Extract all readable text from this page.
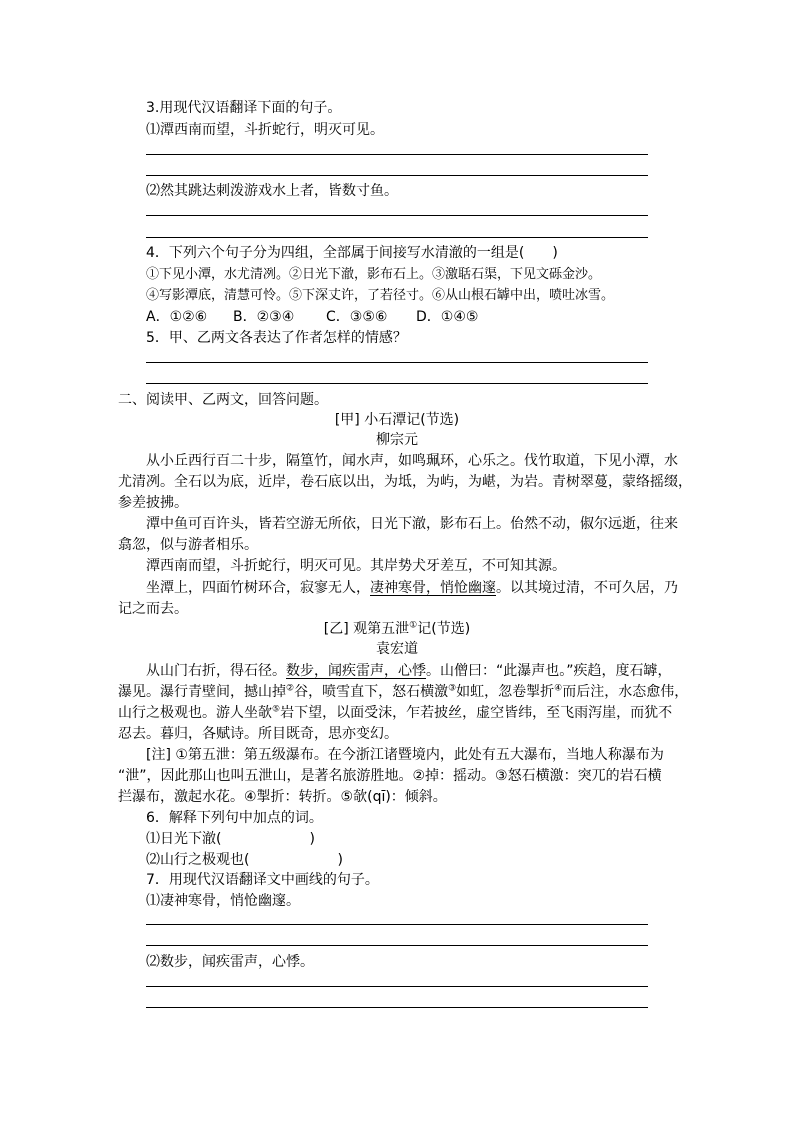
3.用现代汉语翻译下面的句子。
⑴潭西南而望，斗折蛇行，明灭可见。
⑵然其跳达刺泼游戏水上者，皆数寸鱼。
4．下列六个句子分为四组，全部属于间接写水清澈的一组是(　　)
①下见小潭，水尤清冽。②日光下澈，影布石上。③激聒石渠，下见文砾金沙。
④写影潭底，清慧可怜。⑤下深丈许，了若径寸。⑥从山根石罅中出，喷吐冰雪。
A．①②⑥ B．②③④ C．③⑤⑥ D．①④⑤
5．甲、乙两文各表达了作者怎样的情感？
二、阅读甲、乙两文，回答问题。
[甲] 小石潭记(节选)
柳宗元
从小丘西行百二十步，隔篁竹，闻水声，如鸣珮环，心乐之。伐竹取道，下见小潭，水
尤清冽。全石以为底，近岸，卷石底以出，为坻，为屿，为嵁，为岩。青树翠蔓，蒙络摇缀，
参差披拂。
潭中鱼可百许头，皆若空游无所依，日光下澈，影布石上。佁然不动，俶尔远逝，往来
翕忽，似与游者相乐。
潭西南而望，斗折蛇行，明灭可见。其岸势犬牙差互，不可知其源。
坐潭上，四面竹树环合，寂寥无人，凄神寒骨，悄怆幽邃。以其境过清，不可久居，乃
记之而去。
[乙] 观第五泄①记(节选)
袁宏道
从山门右折，得石径。数步，闻疾雷声，心悸。山僧曰：“此瀑声也。”疾趋，度石罅，
瀑见。瀑行青壁间，撼山掉②谷，喷雪直下，怒石横激③如虹，忽卷掣折④而后注，水态愈伟，
山行之极观也。游人坐欹⑤岩下望，以面受沫，乍若披丝，虚空皆纬，至飞雨泻崖，而犹不
忍去。暮归，各赋诗。所目既奇，思亦变幻。
[注] ①第五泄：第五级瀑布。在今浙江诸暨境内，此处有五大瀑布，当地人称瀑布为
“泄”，因此那山也叫五泄山，是著名旅游胜地。②掉：摇动。③怒石横激：突兀的岩石横
拦瀑布，激起水花。④掣折：转折。⑤欹(qī)：倾斜。
6．解释下列句中加点的词。
⑴日光下澈(	)
⑵山行之极观也(	)
7．用现代汉语翻译文中画线的句子。
⑴凄神寒骨，悄怆幽邃。
⑵数步，闻疾雷声，心悸。
